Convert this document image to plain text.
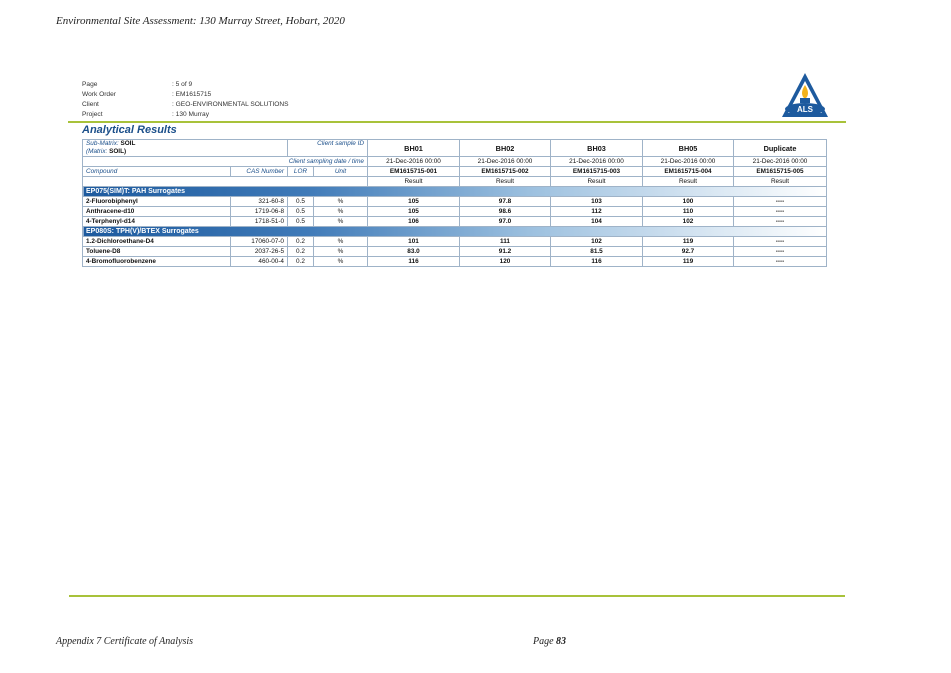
Environmental Site Assessment: 130 Murray Street, Hobart, 2020
Page	: 5 of 9
Work Order	: EM1615715
Client	: GEO-ENVIRONMENTAL SOLUTIONS
Project	: 130 Murray
ALS
Analytical Results
Sub-Matrix: SOIL
(Matrix: SOIL)		Client sample ID		BH01	BH02	BH03	BH05	Duplicate
Client sampling date / time				21-Dec-2016 00:00	21-Dec-2016 00:00	21-Dec-2016 00:00	21-Dec-2016 00:00	21-Dec-2016 00:00
Compound	CAS Number	LOR	Unit	EM1615715-001	EM1615715-002	EM1615715-003	EM1615715-004	EM1615715-005
				Result	Result	Result	Result	Result
EP075(SIM)T: PAH Surrogates								
2-Fluorobiphenyl	321-60-8	0.5	%	105	97.8	103	100	----
Anthracene-d10	1719-06-8	0.5	%	105	98.6	112	110	----
4-Terphenyl-d14	1718-51-0	0.5	%	106	97.0	104	102	----
EP080S: TPH(V)/BTEX Surrogates								
1.2-Dichloroethane-D4	17060-07-0	0.2	%	101	111	102	119	----
Toluene-D8	2037-26-5	0.2	%	83.0	91.2	81.5	92.7	----
4-Bromofluorobenzene	460-00-4	0.2	%	116	120	116	119	----
Appendix 7 Certificate of Analysis	Page 83
